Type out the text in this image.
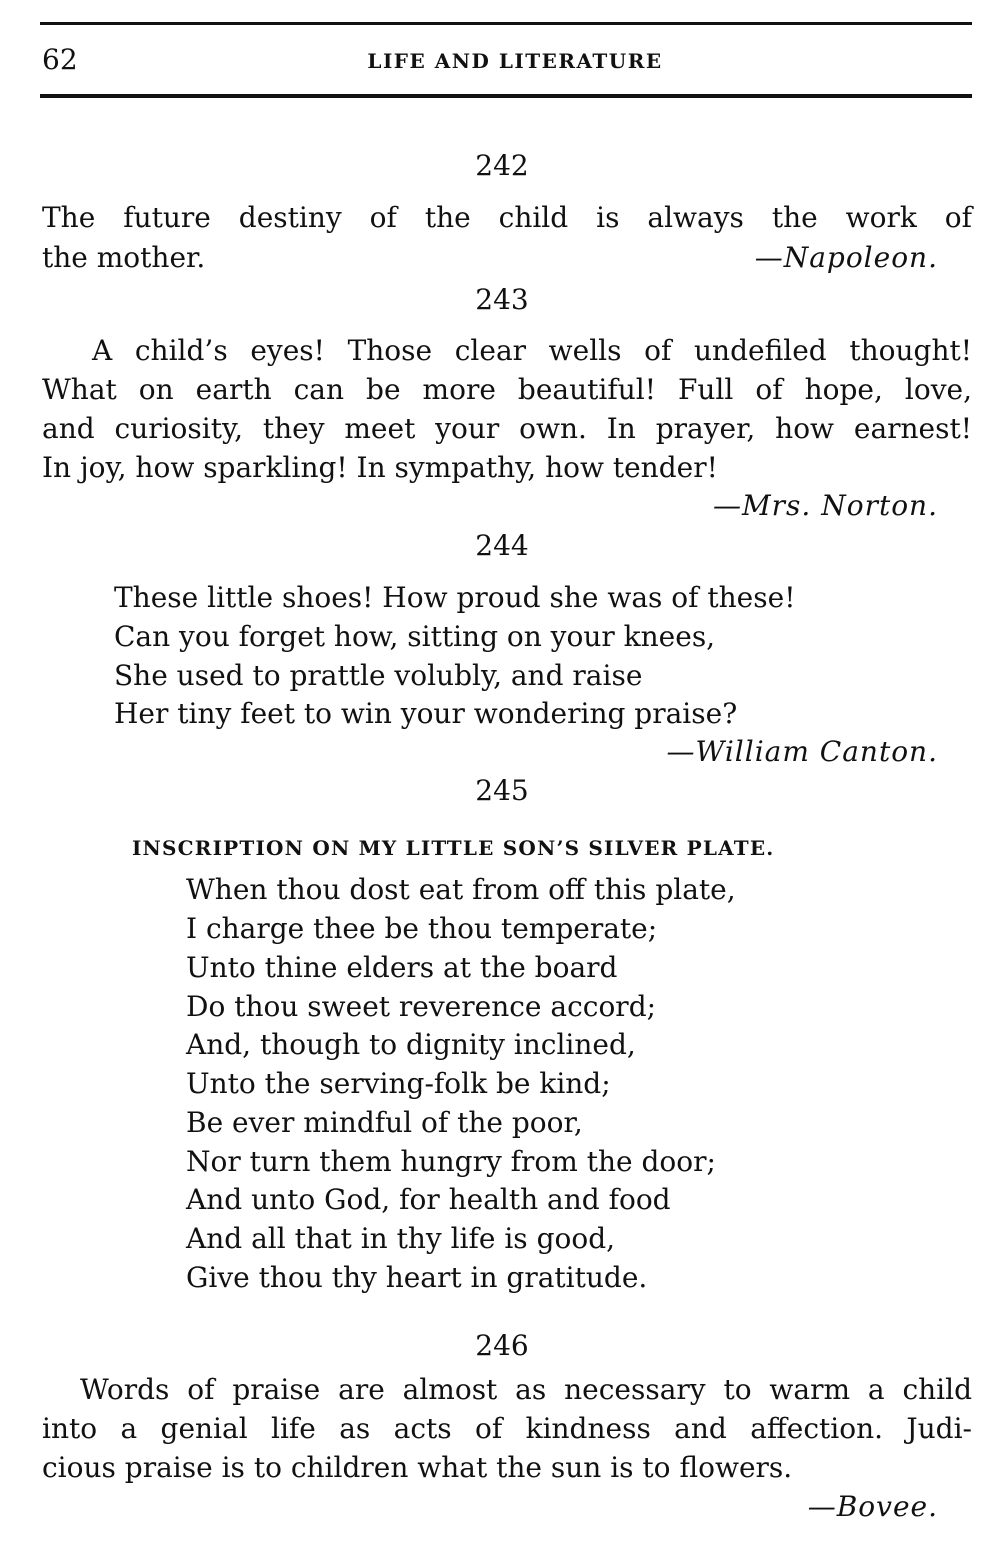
62	LIFE AND LITERATURE
242
The future destiny of the child is always the work of
the mother.	—Napoleon.
243
A child’s eyes! Those clear wells of undefiled thought!
What on earth can be more beautiful! Full of hope, love,
and curiosity, they meet your own. In prayer, how earnest!
In joy, how sparkling! In sympathy, how tender!
—Mrs. Norton.
244
These little shoes! How proud she was of these!
Can you forget how, sitting on your knees,
She used to prattle volubly, and raise
Her tiny feet to win your wondering praise?
—William Canton.
245
INSCRIPTION ON MY LITTLE SON’S SILVER PLATE.
When thou dost eat from off this plate,
I charge thee be thou temperate;
Unto thine elders at the board
Do thou sweet reverence accord;
And, though to dignity inclined,
Unto the serving-folk be kind;
Be ever mindful of the poor,
Nor turn them hungry from the door;
And unto God, for health and food
And all that in thy life is good,
Give thou thy heart in gratitude.
246
Words of praise are almost as necessary to warm a child
into a genial life as acts of kindness and affection. Judi-
cious praise is to children what the sun is to flowers.
—Bovee.
